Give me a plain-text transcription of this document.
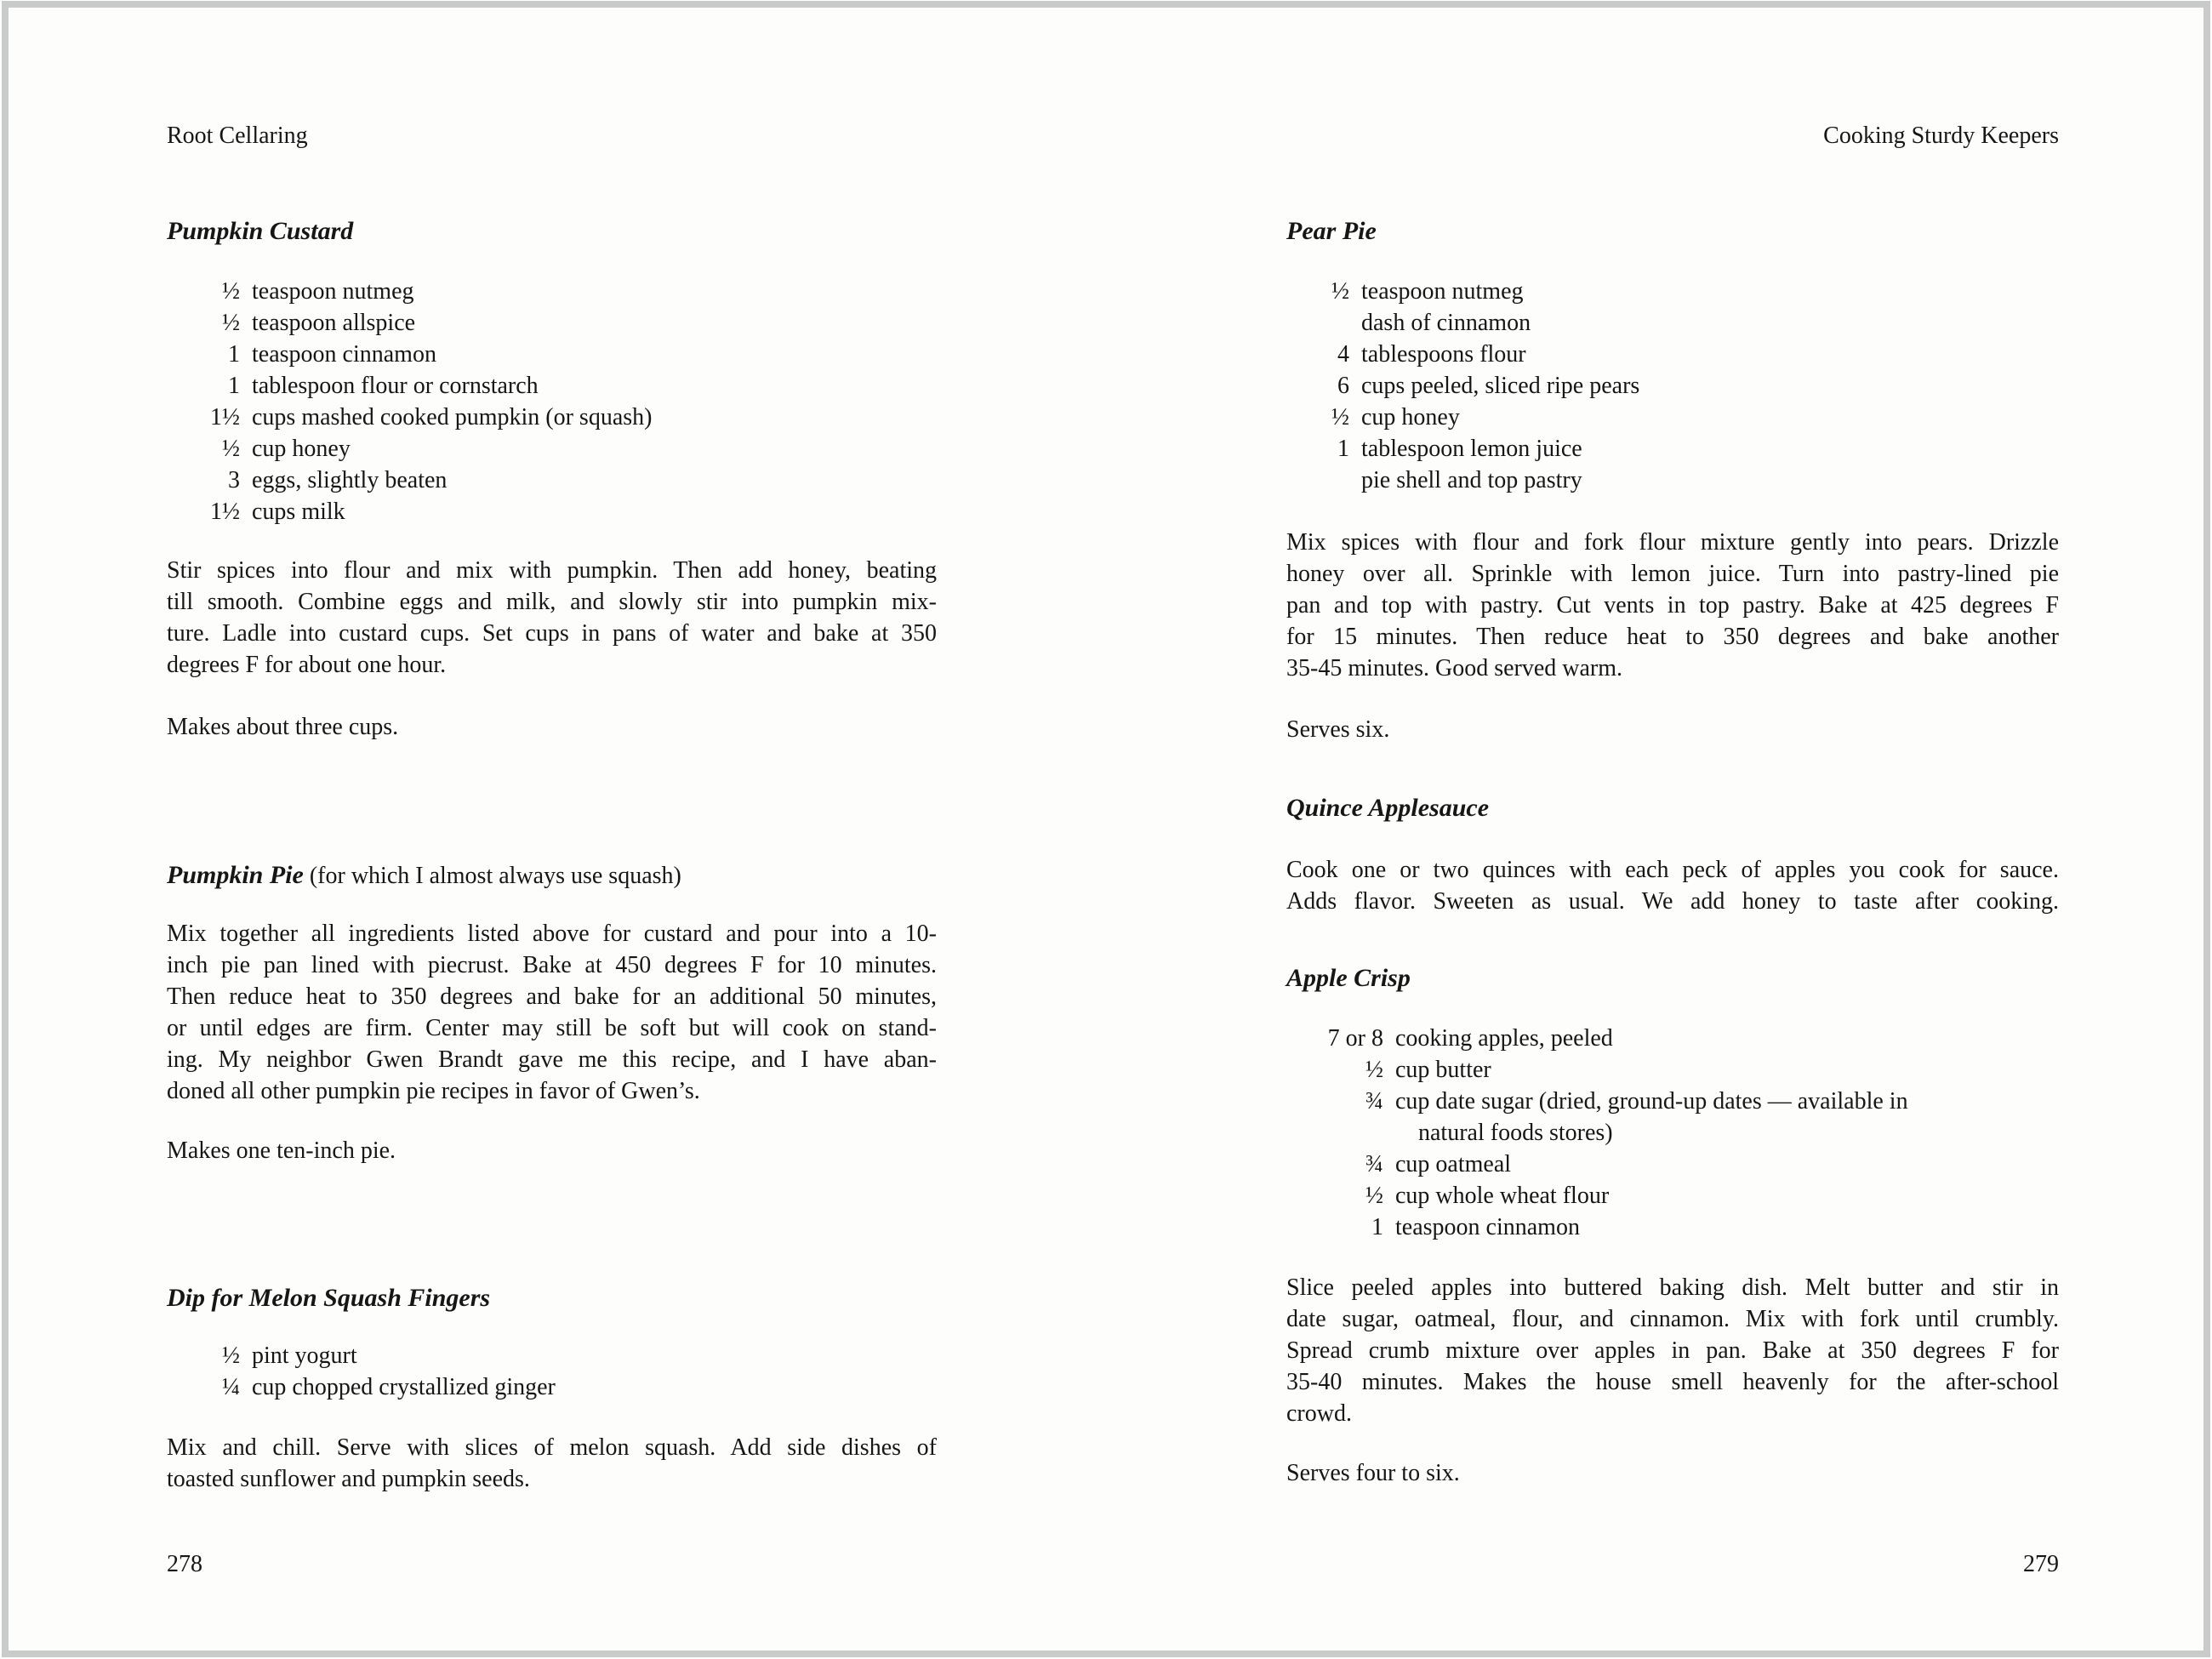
Root Cellaring	Cooking Sturdy Keepers
Pumpkin Custard
½ teaspoon nutmeg
½ teaspoon allspice
1 teaspoon cinnamon
1 tablespoon flour or cornstarch
1½ cups mashed cooked pumpkin (or squash)
½ cup honey
3 eggs, slightly beaten
1½ cups milk
Stir spices into flour and mix with pumpkin. Then add honey, beating
till smooth. Combine eggs and milk, and slowly stir into pumpkin mix-
ture. Ladle into custard cups. Set cups in pans of water and bake at 350
degrees F for about one hour.
Makes about three cups.
Pumpkin Pie (for which I almost always use squash)
Mix together all ingredients listed above for custard and pour into a 10-
inch pie pan lined with piecrust. Bake at 450 degrees F for 10 minutes.
Then reduce heat to 350 degrees and bake for an additional 50 minutes,
or until edges are firm. Center may still be soft but will cook on stand-
ing. My neighbor Gwen Brandt gave me this recipe, and I have aban-
doned all other pumpkin pie recipes in favor of Gwen’s.
Makes one ten-inch pie.
Dip for Melon Squash Fingers
½ pint yogurt
¼ cup chopped crystallized ginger
Mix and chill. Serve with slices of melon squash. Add side dishes of
toasted sunflower and pumpkin seeds.
Pear Pie
½ teaspoon nutmeg
dash of cinnamon
4 tablespoons flour
6 cups peeled, sliced ripe pears
½ cup honey
1 tablespoon lemon juice
pie shell and top pastry
Mix spices with flour and fork flour mixture gently into pears. Drizzle
honey over all. Sprinkle with lemon juice. Turn into pastry-lined pie
pan and top with pastry. Cut vents in top pastry. Bake at 425 degrees F
for 15 minutes. Then reduce heat to 350 degrees and bake another
35-45 minutes. Good served warm.
Serves six.
Quince Applesauce
Cook one or two quinces with each peck of apples you cook for sauce.
Adds flavor. Sweeten as usual. We add honey to taste after cooking.
Apple Crisp
7 or 8 cooking apples, peeled
½ cup butter
¾ cup date sugar (dried, ground-up dates — available in
natural foods stores)
¾ cup oatmeal
½ cup whole wheat flour
1 teaspoon cinnamon
Slice peeled apples into buttered baking dish. Melt butter and stir in
date sugar, oatmeal, flour, and cinnamon. Mix with fork until crumbly.
Spread crumb mixture over apples in pan. Bake at 350 degrees F for
35-40 minutes. Makes the house smell heavenly for the after-school
crowd.
Serves four to six.
278	279
